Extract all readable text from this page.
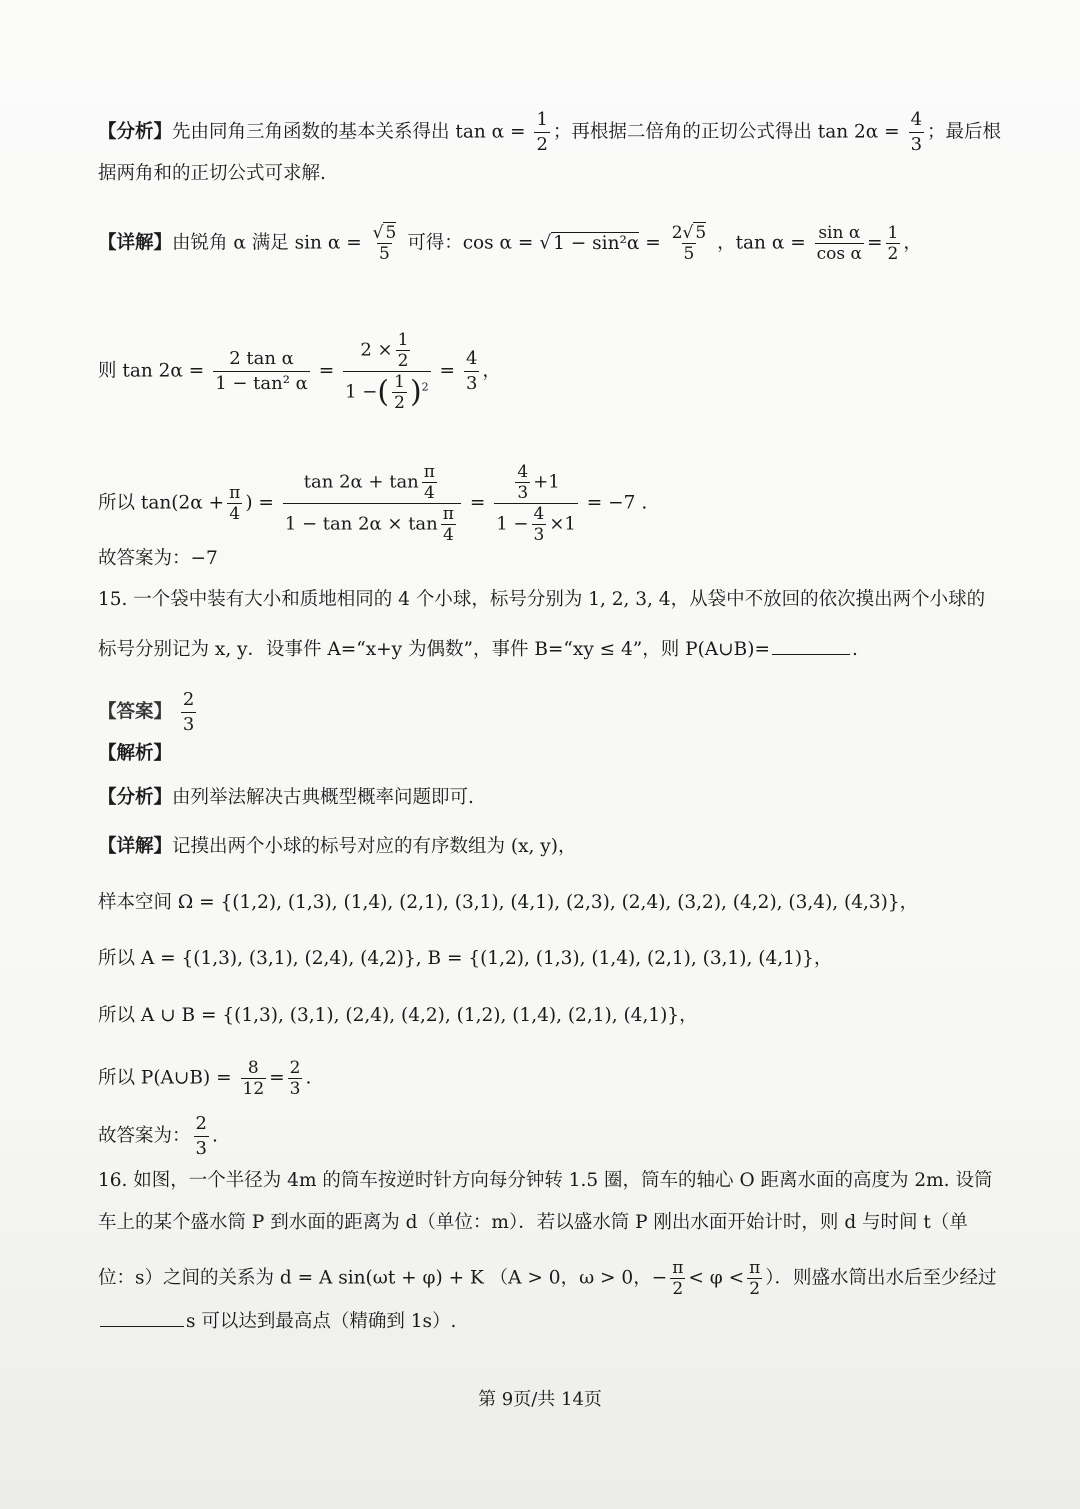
【分析】先由同角三角函数的基本关系得出 $\tan \alpha = \frac{1}{2}$ ；再根据二倍角的正切公式得出 $\tan 2\alpha = \frac{4}{3}$ ；最后根
据两角和的正切公式可求解.
【详解】由锐角 α 满足 $\sin \alpha = \frac{√ 5}{5}$ 可得：cos α = √ $1 - \sin^2\alpha = \frac{2√ 5}{5}$ ，$\tan \alpha = \frac{\text{sin α}}{\text{cos α}} = \frac{1}{2}$ ，
则 $\tan 2\alpha = \frac{\text{2 tan α}}{\text{1 − tan² α}} = \frac{2 \times \frac{1}{2}}{1 -( \frac{1}{2} )^2} = \frac{4}{3}$ ，
所以 $\tan(2\alpha + \frac{\pi}{4}$ ) = $\frac{\tan 2\alpha + \tan \frac{\pi}{4}}{1 - \tan 2\alpha \times \tan \frac{\pi}{4}} = \frac{\frac{4}{3} +1}{1 - \frac{4}{3} \times 1} = -7$ .
故答案为：−7
15. 一个袋中装有大小和质地相同的 4 个小球，标号分别为 1, 2, 3, 4，从袋中不放回的依次摸出两个小球的
标号分别记为 x, y．设事件 A=“x+y 为偶数”，事件 B=“xy ≤ 4”，则 P(A∪B)=	.
【答案】 $\frac{2}{3}$
【解析】
【分析】由列举法解决古典概型概率问题即可.
【详解】记摸出两个小球的标号对应的有序数组为 (x, y)，
样本空间 Ω = {(1,2), (1,3), (1,4), (2,1), (3,1), (4,1), (2,3), (2,4), (3,2), (4,2), (3,4), (4,3)}，
所以 A = {(1,3), (3,1), (2,4), (4,2)}, B = {(1,2), (1,3), (1,4), (2,1), (3,1), (4,1)}，
所以 A ∪ B = {(1,3), (3,1), (2,4), (4,2), (1,2), (1,4), (2,1), (4,1)}，
所以 P(A∪B) = $\frac{8}{12} = \frac{2}{3}$ .
故答案为： $\frac{2}{3}$ .
16. 如图，一个半径为 4m 的筒车按逆时针方向每分钟转 1.5 圈，筒车的轴心 O 距离水面的高度为 2m. 设筒
车上的某个盛水筒 P 到水面的距离为 d（单位：m）．若以盛水筒 P 刚出水面开始计时，则 d 与时间 t（单
位：s）之间的关系为 d = A sin(ωt + φ) + K （A > 0，ω > 0，− $\frac{\pi}{2} < \varphi < \frac{\pi}{2}$ ）．则盛水筒出水后至少经过
s 可以达到最高点（精确到 1s）.
第 9页/共 14页
